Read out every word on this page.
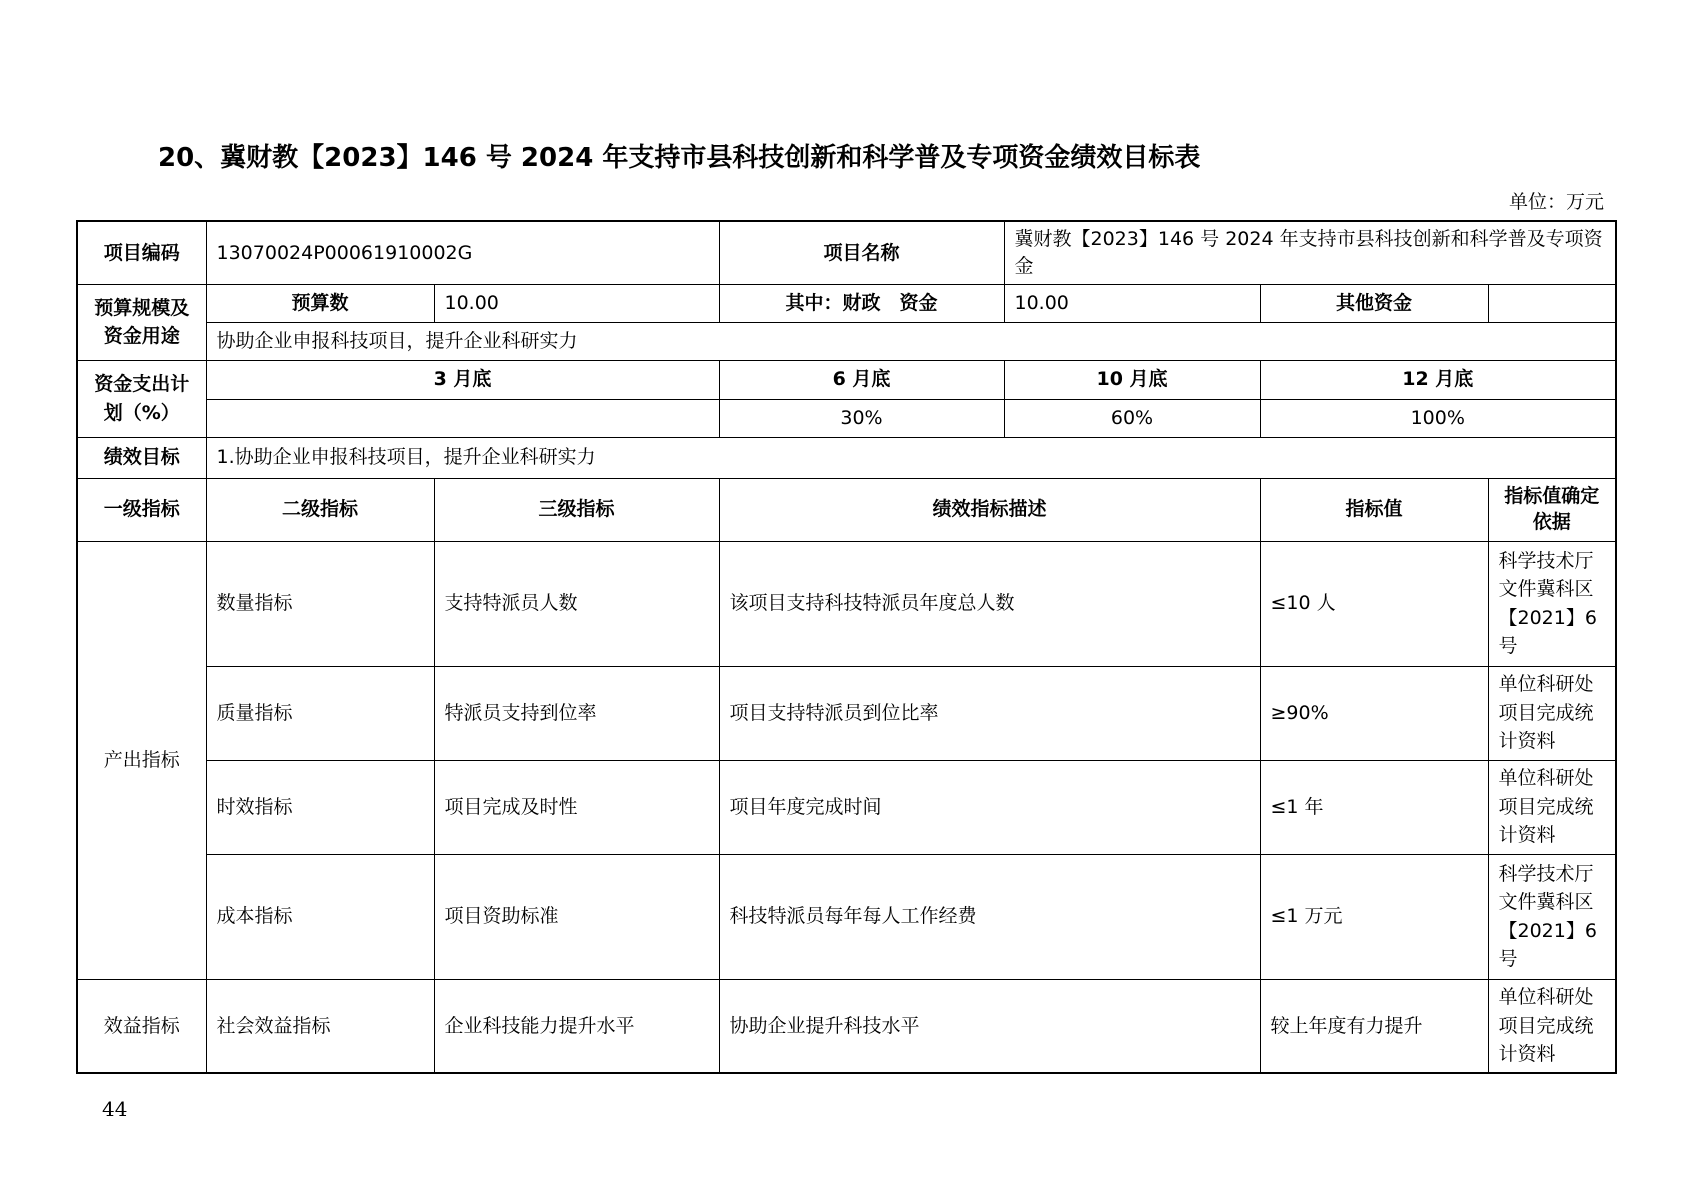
20、冀财教【2023】146 号 2024 年支持市县科技创新和科学普及专项资金绩效目标表
单位：万元
项目编码	13070024P00061910002G		项目名称	冀财教【2023】146 号 2024 年支持市县科技创新和科学普及专项资金		
预算规模及资金用途	预算数	10.00	其中：财政　资金	10.00	其他资金	
	协助企业申报科技项目，提升企业科研实力					
资金支出计划（%）	3 月底		6 月底	10 月底	12 月底	
			30%	60%	100%	
绩效目标	1.协助企业申报科技项目，提升企业科研实力					
一级指标	二级指标	三级指标	绩效指标描述		指标值	指标值确定依据
产出指标	数量指标	支持特派员人数	该项目支持科技特派员年度总人数		≤10 人	科学技术厅文件冀科区【2021】6 号
	质量指标	特派员支持到位率	项目支持特派员到位比率		≥90%	单位科研处项目完成统计资料
	时效指标	项目完成及时性	项目年度完成时间		≤1 年	单位科研处项目完成统计资料
	成本指标	项目资助标准	科技特派员每年每人工作经费		≤1 万元	科学技术厅文件冀科区【2021】6 号
效益指标	社会效益指标	企业科技能力提升水平	协助企业提升科技水平		较上年度有力提升	单位科研处项目完成统计资料
44
